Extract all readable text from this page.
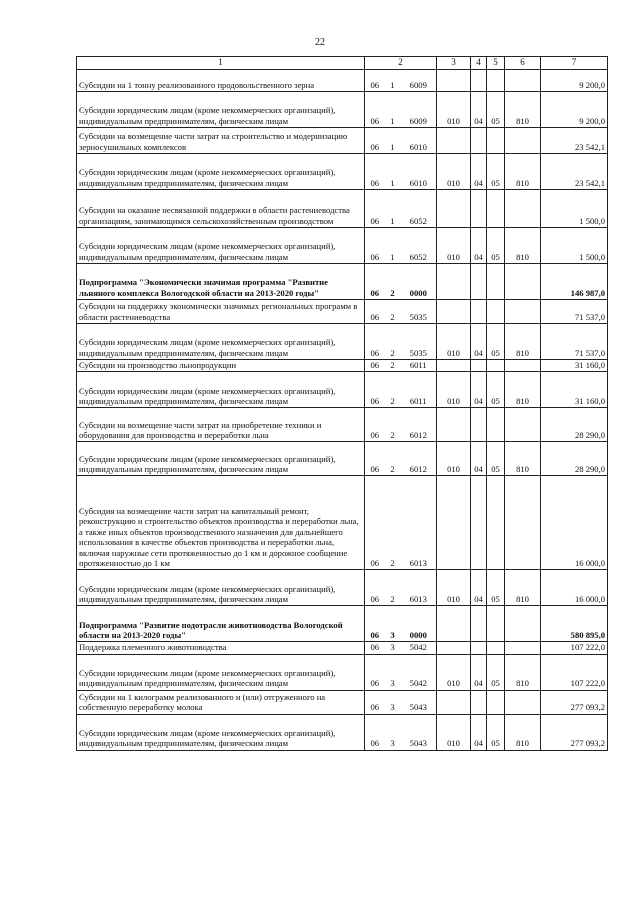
22
1	2			3	4	5	6	7
Субсидии на 1 тонну реализованного продовольственного зерна	06	1	6009					9 200,0
Субсидии юридическим лицам (кроме некоммерческих организаций), индивидуальным предпринимателям, физическим лицам	06	1	6009	010	04	05	810	9 200,0
Субсидии на возмещение части затрат на строительство и модернизацию зерносушильных комплексов	06	1	6010					23 542,1
Субсидии юридическим лицам (кроме некоммерческих организаций), индивидуальным предпринимателям, физическим лицам	06	1	6010	010	04	05	810	23 542,1
Субсидии на оказание несвязанной поддержки в области растениеводства организациям, занимающимся сельскохозяйственным производством	06	1	6052					1 500,0
Субсидии юридическим лицам (кроме некоммерческих организаций), индивидуальным предпринимателям, физическим лицам	06	1	6052	010	04	05	810	1 500,0
Подпрограмма "Экономически значимая программа "Развитие льняного комплекса Вологодской области на 2013-2020 годы"	06	2	0000					146 987,0
Субсидии на поддержку экономически значимых региональных программ в области растениеводства	06	2	5035					71 537,0
Субсидии юридическим лицам (кроме некоммерческих организаций), индивидуальным предпринимателям, физическим лицам	06	2	5035	010	04	05	810	71 537,0
Субсидии на производство льнопродукции	06	2	6011					31 160,0
Субсидии юридическим лицам (кроме некоммерческих организаций), индивидуальным предпринимателям, физическим лицам	06	2	6011	010	04	05	810	31 160,0
Субсидии на возмещение части затрат на приобретение техники и оборудования для производства и переработки льна	06	2	6012					28 290,0
Субсидии юридическим лицам (кроме некоммерческих организаций), индивидуальным предпринимателям, физическим лицам	06	2	6012	010	04	05	810	28 290,0
Субсидия на возмещение части затрат на капитальный ремонт, реконструкцию и строительство объектов производства и переработки льна, а также иных объектов производственного назначения для дальнейшего использования в качестве объектов производства и переработки льна, включая наружные сети протяженностью до 1 км и дорожное сообщение протяженностью до 1 км	06	2	6013					16 000,0
Субсидии юридическим лицам (кроме некоммерческих организаций), индивидуальным предпринимателям, физическим лицам	06	2	6013	010	04	05	810	16 000,0
Подпрограмма "Развитие подотрасли животноводства Вологодской области на 2013-2020 годы"	06	3	0000					580 895,0
Поддержка племенного животноводства	06	3	5042					107 222,0
Субсидии юридическим лицам (кроме некоммерческих организаций), индивидуальным предпринимателям, физическим лицам	06	3	5042	010	04	05	810	107 222,0
Субсидии на 1 килограмм реализованного и (или) отгруженного на собственную переработку молока	06	3	5043					277 093,2
Субсидии юридическим лицам (кроме некоммерческих организаций), индивидуальным предпринимателям, физическим лицам	06	3	5043	010	04	05	810	277 093,2
